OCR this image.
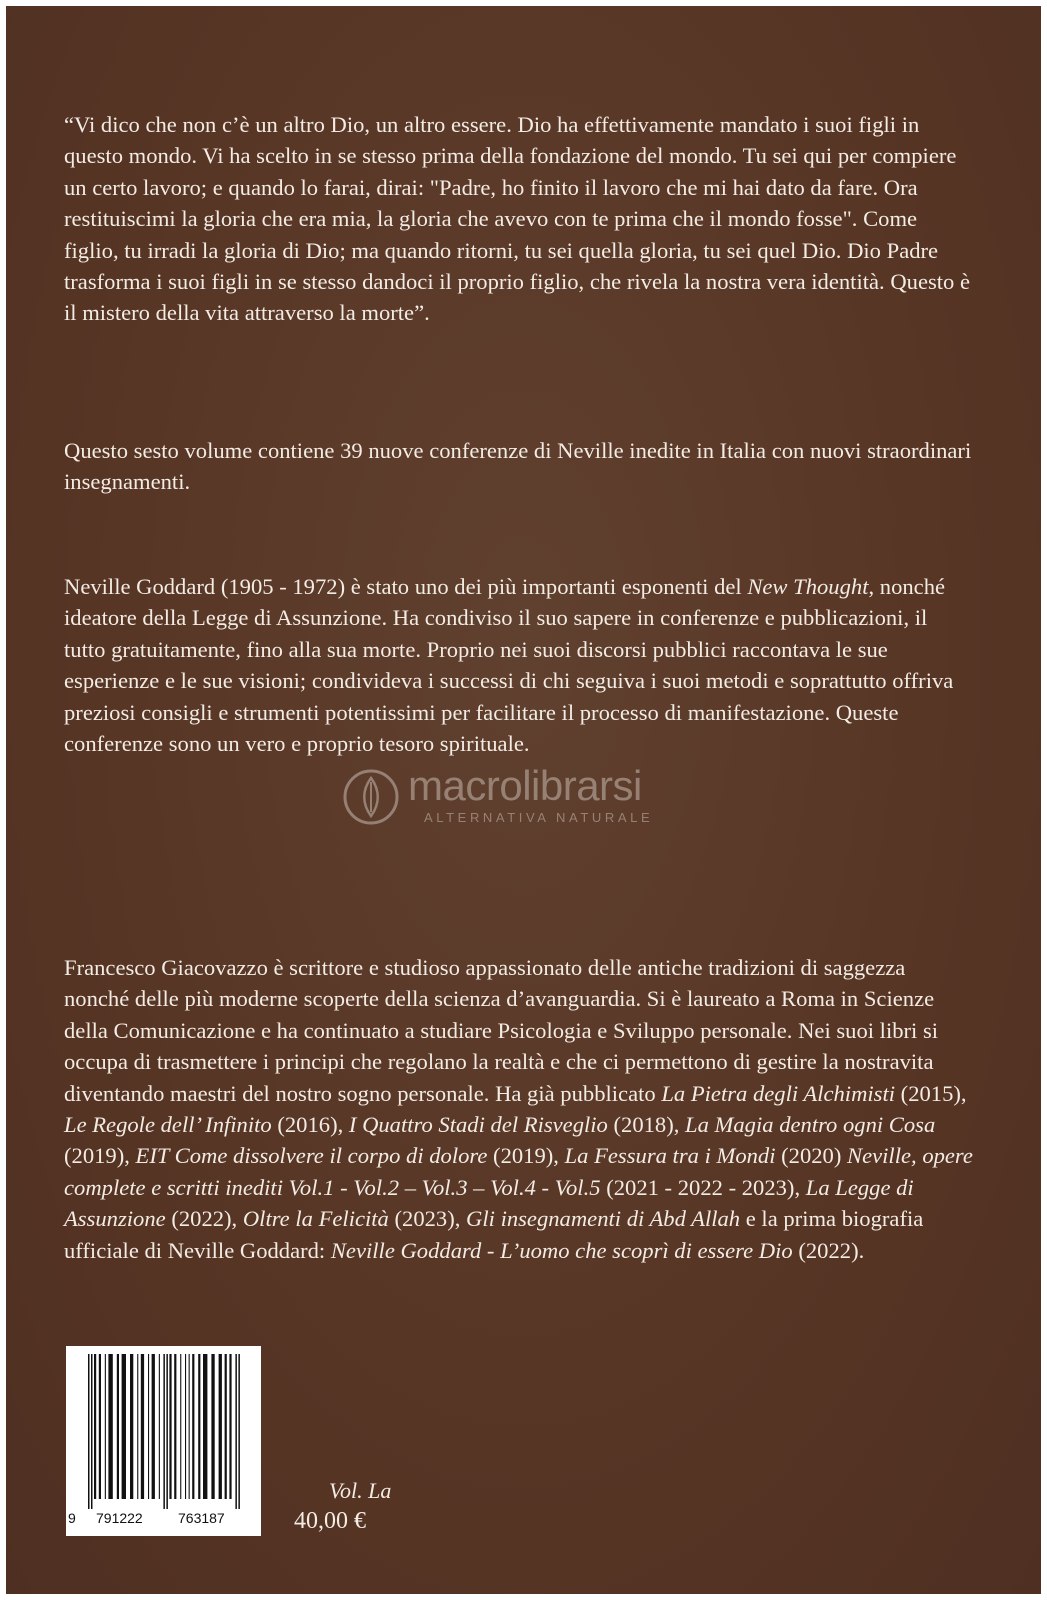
“Vi dico che non c’è un altro Dio, un altro essere. Dio ha effettivamente mandato i suoi figli in questo mondo. Vi ha scelto in se stesso prima della fondazione del mondo. Tu sei qui per compiere un certo lavoro; e quando lo farai, dirai: "Padre, ho finito il lavoro che mi hai dato da fare. Ora restituiscimi la gloria che era mia, la gloria che avevo con te prima che il mondo fosse". Come figlio, tu irradi la gloria di Dio; ma quando ritorni, tu sei quella gloria, tu sei quel Dio. Dio Padre trasforma i suoi figli in se stesso dandoci il proprio figlio, che rivela la nostra vera identità. Questo è il mistero della vita attraverso la morte”.

Questo sesto volume contiene 39 nuove conferenze di Neville inedite in Italia con nuovi straordinari insegnamenti.

Neville Goddard (1905 - 1972) è stato uno dei più importanti esponenti del New Thought, nonché ideatore della Legge di Assunzione. Ha condiviso il suo sapere in conferenze e pubblicazioni, il tutto gratuitamente, fino alla sua morte. Proprio nei suoi discorsi pubblici raccontava le sue esperienze e le sue visioni; condivideva i successi di chi seguiva i suoi metodi e soprattutto offriva preziosi consigli e strumenti potentissimi per facilitare il processo di manifestazione. Queste conferenze sono un vero e proprio tesoro spirituale.

Francesco Giacovazzo è scrittore e studioso appassionato delle antiche tradizioni di saggezza nonché delle più moderne scoperte della scienza d’avanguardia. Si è laureato a Roma in Scienze della Comunicazione e ha continuato a studiare Psicologia e Sviluppo personale. Nei suoi libri si occupa di trasmettere i principi che regolano la realtà e che ci permettono di gestire la nostravita diventando maestri del nostro sogno personale. Ha già pubblicato La Pietra degli Alchimisti (2015), Le Regole dell’ Infinito (2016), I Quattro Stadi del Risveglio (2018), La Magia dentro ogni Cosa (2019), EIT Come dissolvere il corpo di dolore (2019), La Fessura tra i Mondi (2020) Neville, opere complete e scritti inediti Vol.1 - Vol.2 – Vol.3 – Vol.4 - Vol.5 (2021 - 2022 - 2023), La Legge di Assunzione (2022), Oltre la Felicità (2023), Gli insegnamenti di Abd Allah e la prima biografia ufficiale di Neville Goddard: Neville Goddard - L’uomo che scoprì di essere Dio (2022).

macrolibrarsi
ALTERNATIVA NATURALE
9 791222	763187
Vol. La
40,00 €
